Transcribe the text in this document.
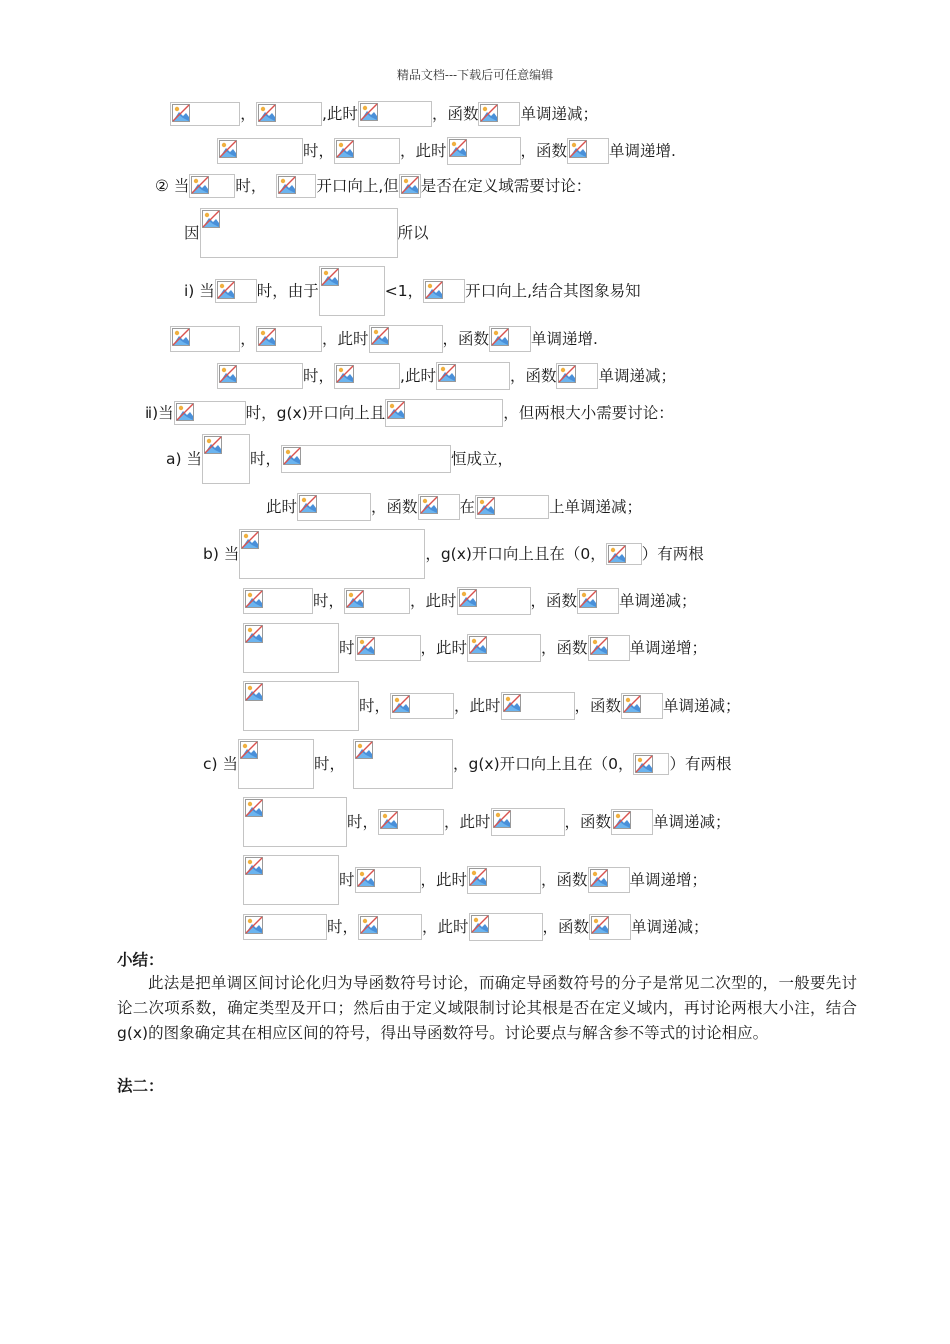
精品文档---下载后可任意编辑
，	,此时	，函数	单调递减；
时，	，此时	，函数	单调递增.
② 当	时，	开口向上,但 是否在定义域需要讨论：
因	所以
ⅰ) 当	时，由于	<1，	开口向上,结合其图象易知
，	，此时	，函数	单调递增.
时，	,此时	，函数	单调递减；
ⅱ)当	时，g(x)开口向上且	，但两根大小需要讨论：
a) 当	时，	恒成立，
此时	，函数	在	上单调递减；
b) 当	，g(x)开口向上且在（0， ）有两根
时，	，此时	，函数	单调递减；
时	，此时	，函数	单调递增；
时，	，此时	，函数	单调递减；
c) 当	时，	，g(x)开口向上且在（0， ）有两根
时，	，此时	，函数	单调递减；
时	，此时	，函数	单调递增；
时，	，此时	，函数	单调递减；
小结：
此法是把单调区间讨论化归为导函数符号讨论，而确定导函数符号的分子是常见二次型的，一般要先讨论二次项系数，确定类型及开口；然后由于定义域限制讨论其根是否在定义域内，再讨论两根大小注，结合 g(x)的图象确定其在相应区间的符号，得出导函数符号。讨论要点与解含参不等式的讨论相应。
法二：
